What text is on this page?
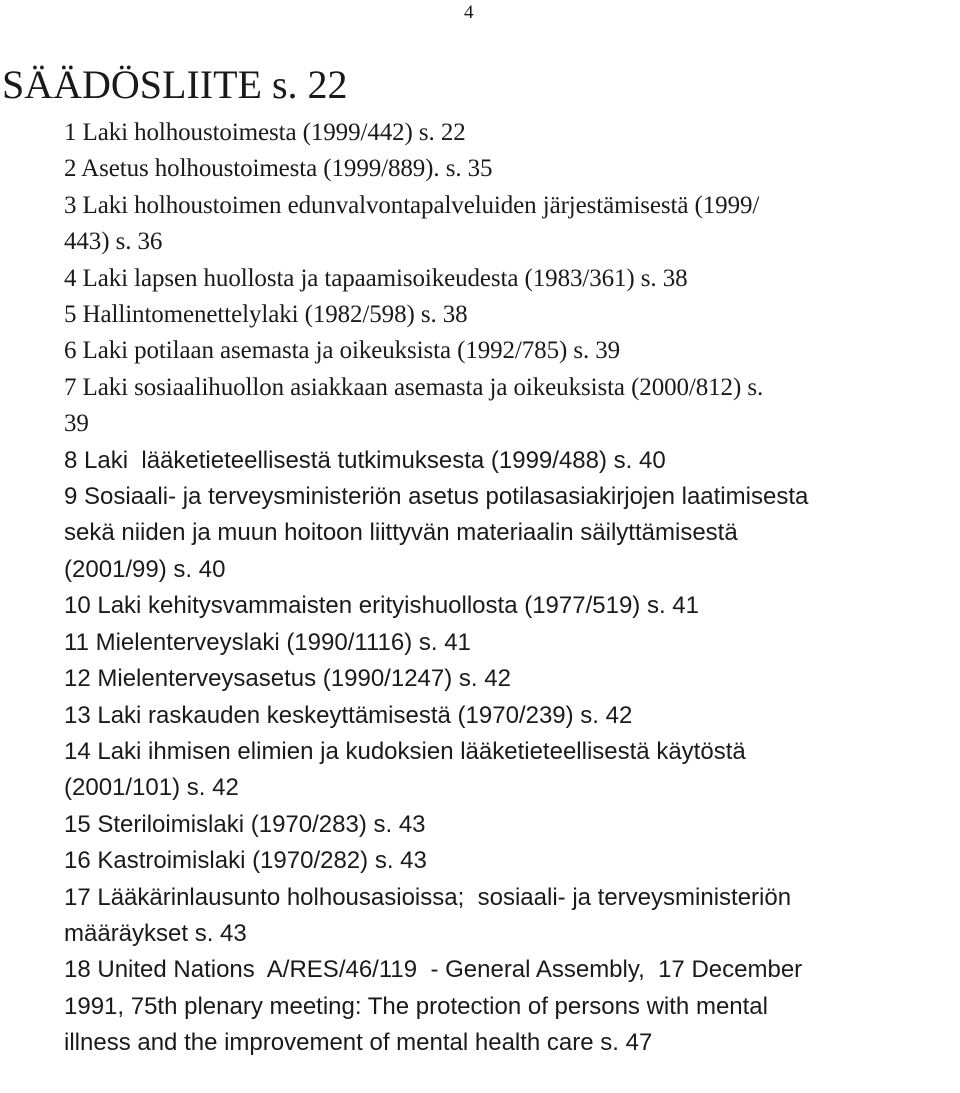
4
SÄÄDÖSLIITE s. 22
1 Laki holhoustoimesta (1999/442) s. 22
2 Asetus holhoustoimesta (1999/889). s. 35
3 Laki holhoustoimen edunvalvontapalveluiden järjestämisestä (1999/
443) s. 36
4 Laki lapsen huollosta ja tapaamisoikeudesta (1983/361) s. 38
5 Hallintomenettelylaki (1982/598) s. 38
6 Laki potilaan asemasta ja oikeuksista (1992/785) s. 39
7 Laki sosiaalihuollon asiakkaan asemasta ja oikeuksista (2000/812) s.
39
8 Laki  lääketieteellisestä tutkimuksesta (1999/488) s. 40
9 Sosiaali- ja terveysministeriön asetus potilasasiakirjojen laatimisesta
sekä niiden ja muun hoitoon liittyvän materiaalin säilyttämisestä
(2001/99) s. 40
10 Laki kehitysvammaisten erityishuollosta (1977/519) s. 41
11 Mielenterveyslaki (1990/1116) s. 41
12 Mielenterveysasetus (1990/1247) s. 42
13 Laki raskauden keskeyttämisestä (1970/239) s. 42
14 Laki ihmisen elimien ja kudoksien lääketieteellisestä käytöstä
(2001/101) s. 42
15 Steriloimislaki (1970/283) s. 43
16 Kastroimislaki (1970/282) s. 43
17 Lääkärinlausunto holhousasioissa;  sosiaali- ja terveysministeriön
määräykset s. 43
18 United Nations  A/RES/46/119  - General Assembly,  17 December
1991, 75th plenary meeting: The protection of persons with mental
illness and the improvement of mental health care s. 47
